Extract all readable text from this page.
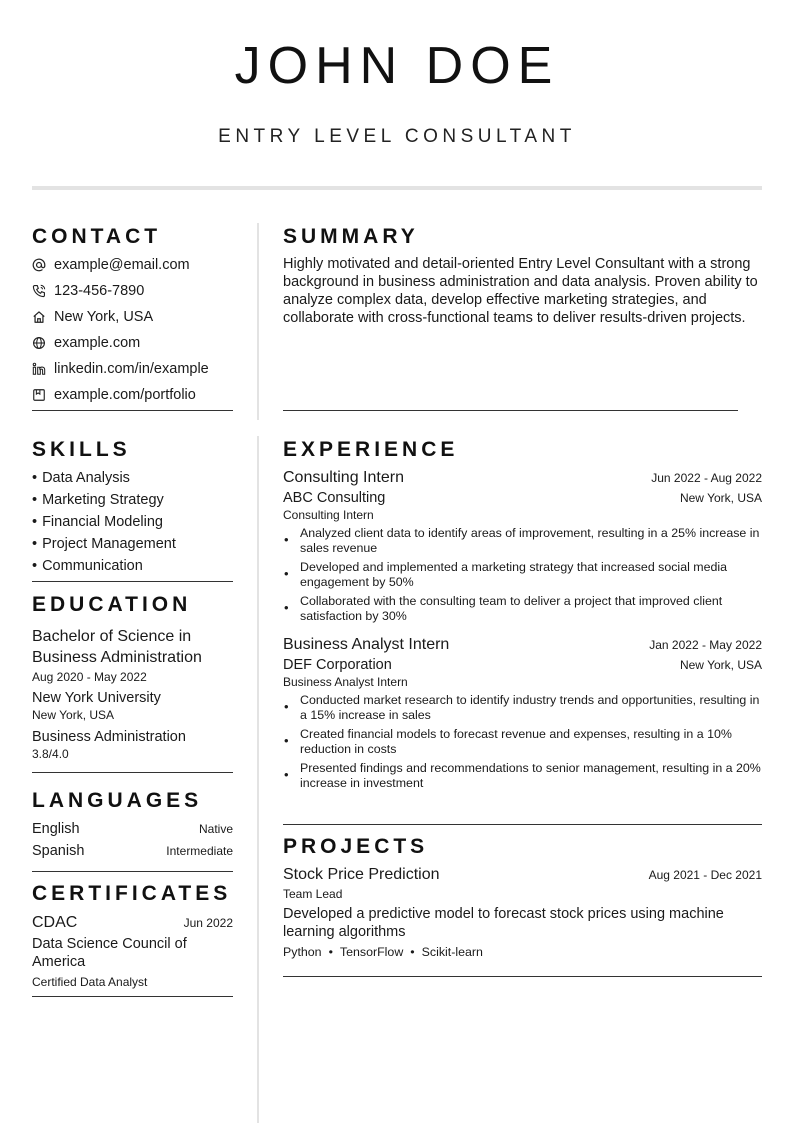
JOHN DOE
ENTRY LEVEL CONSULTANT
CONTACT
example@email.com
123-456-7890
New York, USA
example.com
linkedin.com/in/example
example.com/portfolio
SKILLS
• Data Analysis
• Marketing Strategy
• Financial Modeling
• Project Management
• Communication
EDUCATION
Bachelor of Science in Business Administration
Aug 2020 - May 2022
New York University
New York, USA
Business Administration
3.8/4.0
LANGUAGES
English	Native
Spanish	Intermediate
CERTIFICATES
CDAC	Jun 2022
Data Science Council of America
Certified Data Analyst
SUMMARY
Highly motivated and detail-oriented Entry Level Consultant with a strong background in business administration and data analysis. Proven ability to analyze complex data, develop effective marketing strategies, and collaborate with cross-functional teams to deliver results-driven projects.
EXPERIENCE
Consulting Intern	Jun 2022 - Aug 2022
ABC Consulting	New York, USA
Consulting Intern
• Analyzed client data to identify areas of improvement, resulting in a 25% increase in sales revenue
• Developed and implemented a marketing strategy that increased social media engagement by 50%
• Collaborated with the consulting team to deliver a project that improved client satisfaction by 30%
Business Analyst Intern	Jan 2022 - May 2022
DEF Corporation	New York, USA
Business Analyst Intern
• Conducted market research to identify industry trends and opportunities, resulting in a 15% increase in sales
• Created financial models to forecast revenue and expenses, resulting in a 10% reduction in costs
• Presented findings and recommendations to senior management, resulting in a 20% increase in investment
PROJECTS
Stock Price Prediction	Aug 2021 - Dec 2021
Team Lead
Developed a predictive model to forecast stock prices using machine learning algorithms
Python • TensorFlow • Scikit-learn
